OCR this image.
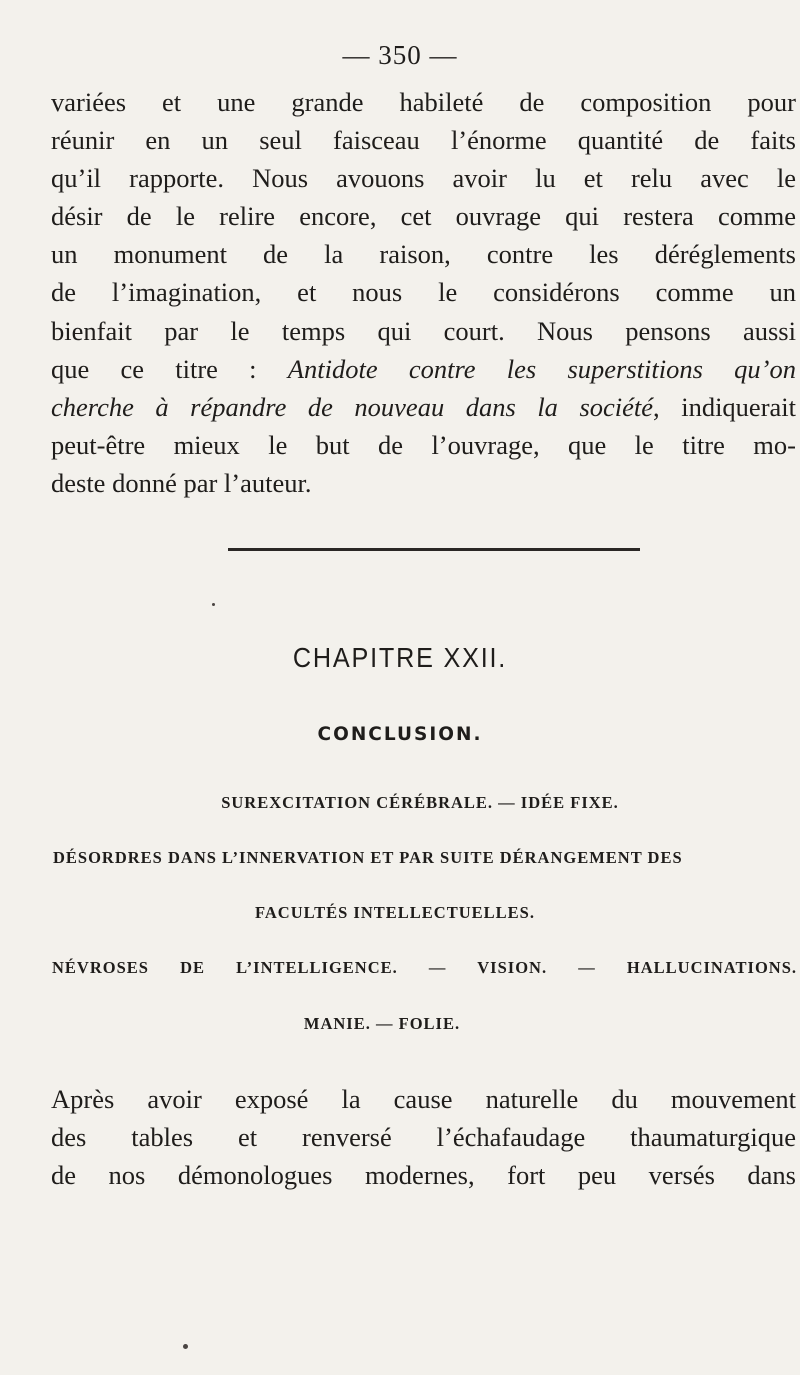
— 350 —
variées et une grande habileté de composition pour
réunir en un seul faisceau l’énorme quantité de faits
qu’il rapporte. Nous avouons avoir lu et relu avec le
désir de le relire encore, cet ouvrage qui restera comme
un monument de la raison, contre les déréglements
de l’imagination, et nous le considérons comme un
bienfait par le temps qui court. Nous pensons aussi
que ce titre : Antidote contre les superstitions qu’on
cherche à répandre de nouveau dans la société, indiquerait
peut-être mieux le but de l’ouvrage, que le titre mo-
deste donné par l’auteur.
CHAPITRE XXII.
CONCLUSION.
SUREXCITATION CÉRÉBRALE. — IDÉE FIXE.
DÉSORDRES DANS L’INNERVATION ET PAR SUITE DÉRANGEMENT DES
FACULTÉS INTELLECTUELLES.
NÉVROSES DE L’INTELLIGENCE. — VISION. — HALLUCINATIONS.
MANIE. — FOLIE.
Après avoir exposé la cause naturelle du mouvement
des tables et renversé l’échafaudage thaumaturgique
de nos démonologues modernes, fort peu versés dans
